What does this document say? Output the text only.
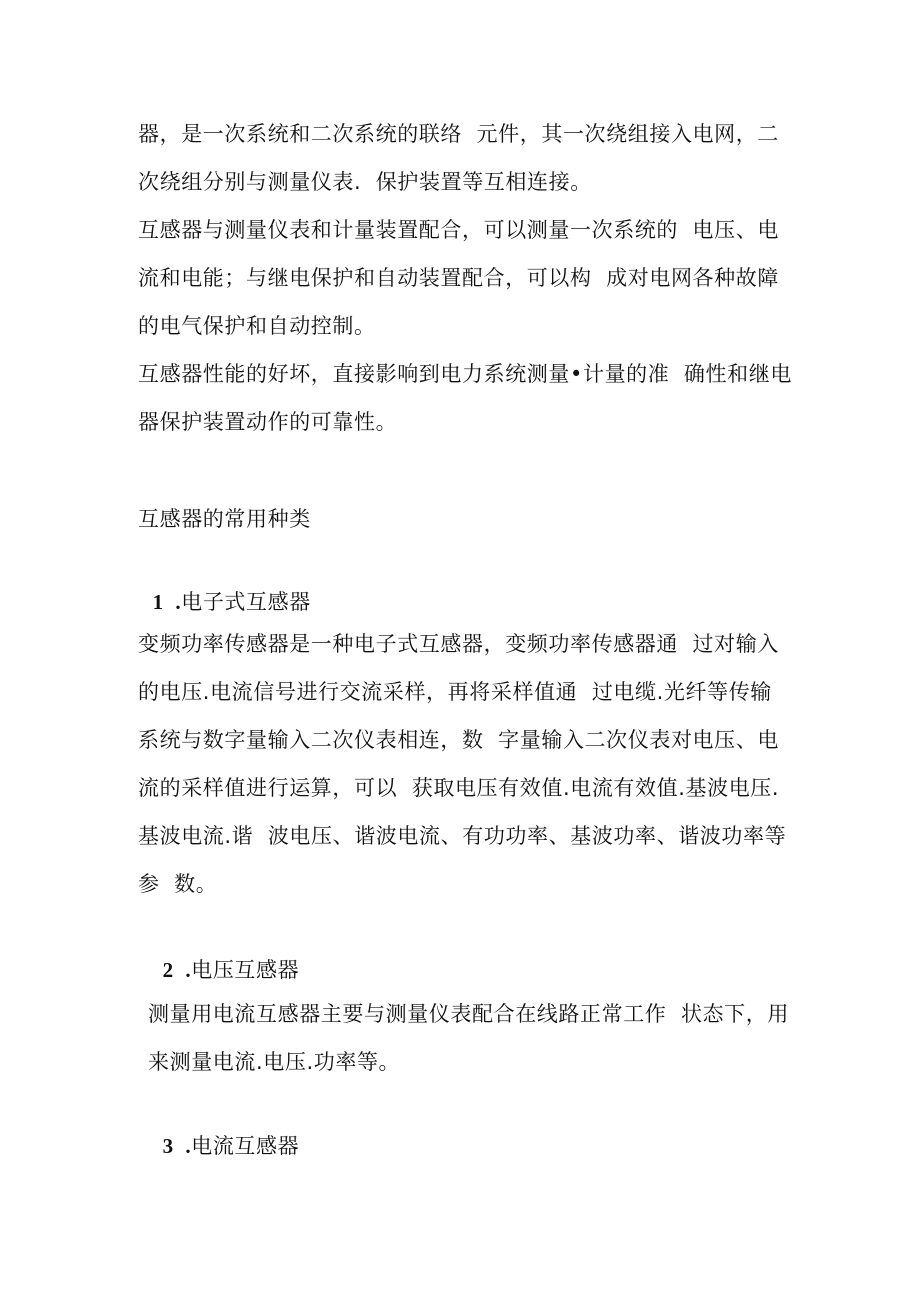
器，是一次系统和二次系统的联络  元件，其一次绕组接入电网，二
次绕组分别与测量仪表.  保护装置等互相连接。
互感器与测量仪表和计量装置配合，可以测量一次系统的  电压、电
流和电能；与继电保护和自动装置配合，可以构  成对电网各种故障
的电气保护和自动控制。
互感器性能的好坏，直接影响到电力系统测量•计量的准  确性和继电
器保护装置动作的可靠性。
互感器的常用种类

1  .电子式互感器

变频功率传感器是一种电子式互感器，变频功率传感器通  过对输入
的电压.电流信号进行交流采样，再将采样值通  过电缆.光纤等传输
系统与数字量输入二次仪表相连，数  字量输入二次仪表对电压、电
流的采样值进行运算，可以  获取电压有效值.电流有效值.基波电压.
基波电流.谐  波电压、谐波电流、有功功率、基波功率、谐波功率等
参  数。

2  .电压互感器

测量用电流互感器主要与测量仪表配合在线路正常工作  状态下，用
来测量电流.电压.功率等。

3  .电流互感器
